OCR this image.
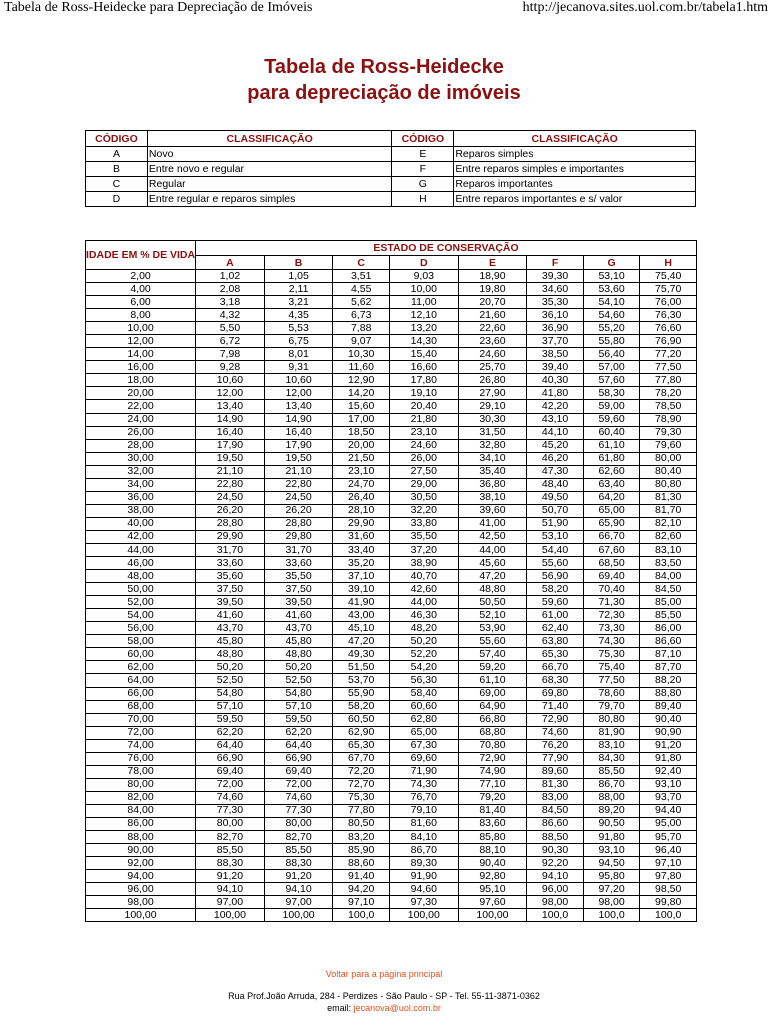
Tabela de Ross-Heidecke para Depreciação de Imóveis	http://jecanova.sites.uol.com.br/tabela1.htm
Tabela de Ross-Heidecke
para depreciação de imóveis
CÓDIGO	CLASSIFICAÇÃO	CÓDIGO	CLASSIFICAÇÃO
A	Novo	E	Reparos simples
B	Entre novo e regular	F	Entre reparos simples e importantes
C	Regular	G	Reparos importantes
D	Entre regular e reparos simples	H	Entre reparos importantes e s/ valor
IDADE EM % DE VIDA	ESTADO DE CONSERVAÇÃO							
	A	B	C	D	E	F	G	H
2,00	1,02	1,05	3,51	9,03	18,90	39,30	53,10	75,40
4,00	2,08	2,11	4,55	10,00	19,80	34,60	53,60	75,70
6,00	3,18	3,21	5,62	11,00	20,70	35,30	54,10	76,00
8,00	4,32	4,35	6,73	12,10	21,60	36,10	54,60	76,30
10,00	5,50	5,53	7,88	13,20	22,60	36,90	55,20	76,60
12,00	6,72	6,75	9,07	14,30	23,60	37,70	55,80	76,90
14,00	7,98	8,01	10,30	15,40	24,60	38,50	56,40	77,20
16,00	9,28	9,31	11,60	16,60	25,70	39,40	57,00	77,50
18,00	10,60	10,60	12,90	17,80	26,80	40,30	57,60	77,80
20,00	12,00	12,00	14,20	19,10	27,90	41,80	58,30	78,20
22,00	13,40	13,40	15,60	20,40	29,10	42,20	59,00	78,50
24,00	14,90	14,90	17,00	21,80	30,30	43,10	59,60	78,90
26,00	16,40	16,40	18,50	23,10	31,50	44,10	60,40	79,30
28,00	17,90	17,90	20,00	24,60	32,80	45,20	61,10	79,60
30,00	19,50	19,50	21,50	26,00	34,10	46,20	61,80	80,00
32,00	21,10	21,10	23,10	27,50	35,40	47,30	62,60	80,40
34,00	22,80	22,80	24,70	29,00	36,80	48,40	63,40	80,80
36,00	24,50	24,50	26,40	30,50	38,10	49,50	64,20	81,30
38,00	26,20	26,20	28,10	32,20	39,60	50,70	65,00	81,70
40,00	28,80	28,80	29,90	33,80	41,00	51,90	65,90	82,10
42,00	29,90	29,80	31,60	35,50	42,50	53,10	66,70	82,60
44,00	31,70	31,70	33,40	37,20	44,00	54,40	67,60	83,10
46,00	33,60	33,60	35,20	38,90	45,60	55,60	68,50	83,50
48,00	35,60	35,50	37,10	40,70	47,20	56,90	69,40	84,00
50,00	37,50	37,50	39,10	42,60	48,80	58,20	70,40	84,50
52,00	39,50	39,50	41,90	44,00	50,50	59,60	71,30	85,00
54,00	41,60	41,60	43,00	46,30	52,10	61,00	72,30	85,50
56,00	43,70	43,70	45,10	48,20	53,90	62,40	73,30	86,00
58,00	45,80	45,80	47,20	50,20	55,60	63,80	74,30	86,60
60,00	48,80	48,80	49,30	52,20	57,40	65,30	75,30	87,10
62,00	50,20	50,20	51,50	54,20	59,20	66,70	75,40	87,70
64,00	52,50	52,50	53,70	56,30	61,10	68,30	77,50	88,20
66,00	54,80	54,80	55,90	58,40	69,00	69,80	78,60	88,80
68,00	57,10	57,10	58,20	60,60	64,90	71,40	79,70	89,40
70,00	59,50	59,50	60,50	62,80	66,80	72,90	80,80	90,40
72,00	62,20	62,20	62,90	65,00	68,80	74,60	81,90	90,90
74,00	64,40	64,40	65,30	67,30	70,80	76,20	83,10	91,20
76,00	66,90	66,90	67,70	69,60	72,90	77,90	84,30	91,80
78,00	69,40	69,40	72,20	71,90	74,90	89,60	85,50	92,40
80,00	72,00	72,00	72,70	74,30	77,10	81,30	86,70	93,10
82,00	74,60	74,60	75,30	76,70	79,20	83,00	88,00	93,70
84,00	77,30	77,30	77,80	79,10	81,40	84,50	89,20	94,40
86,00	80,00	80,00	80,50	81,60	83,60	86,60	90,50	95,00
88,00	82,70	82,70	83,20	84,10	85,80	88,50	91,80	95,70
90,00	85,50	85,50	85,90	86,70	88,10	90,30	93,10	96,40
92,00	88,30	88,30	88,60	89,30	90,40	92,20	94,50	97,10
94,00	91,20	91,20	91,40	91,90	92,80	94,10	95,80	97,80
96,00	94,10	94,10	94,20	94,60	95,10	96,00	97,20	98,50
98,00	97,00	97,00	97,10	97,30	97,60	98,00	98,00	99,80
100,00	100,00	100,00	100,0	100,00	100,00	100,0	100,0	100,0
Voltar para a página principal
Rua Prof.João Arruda, 284 - Perdizes - São Paulo - SP - Tel. 55-11-3871-0362
email: jecanova@uol.com.br
